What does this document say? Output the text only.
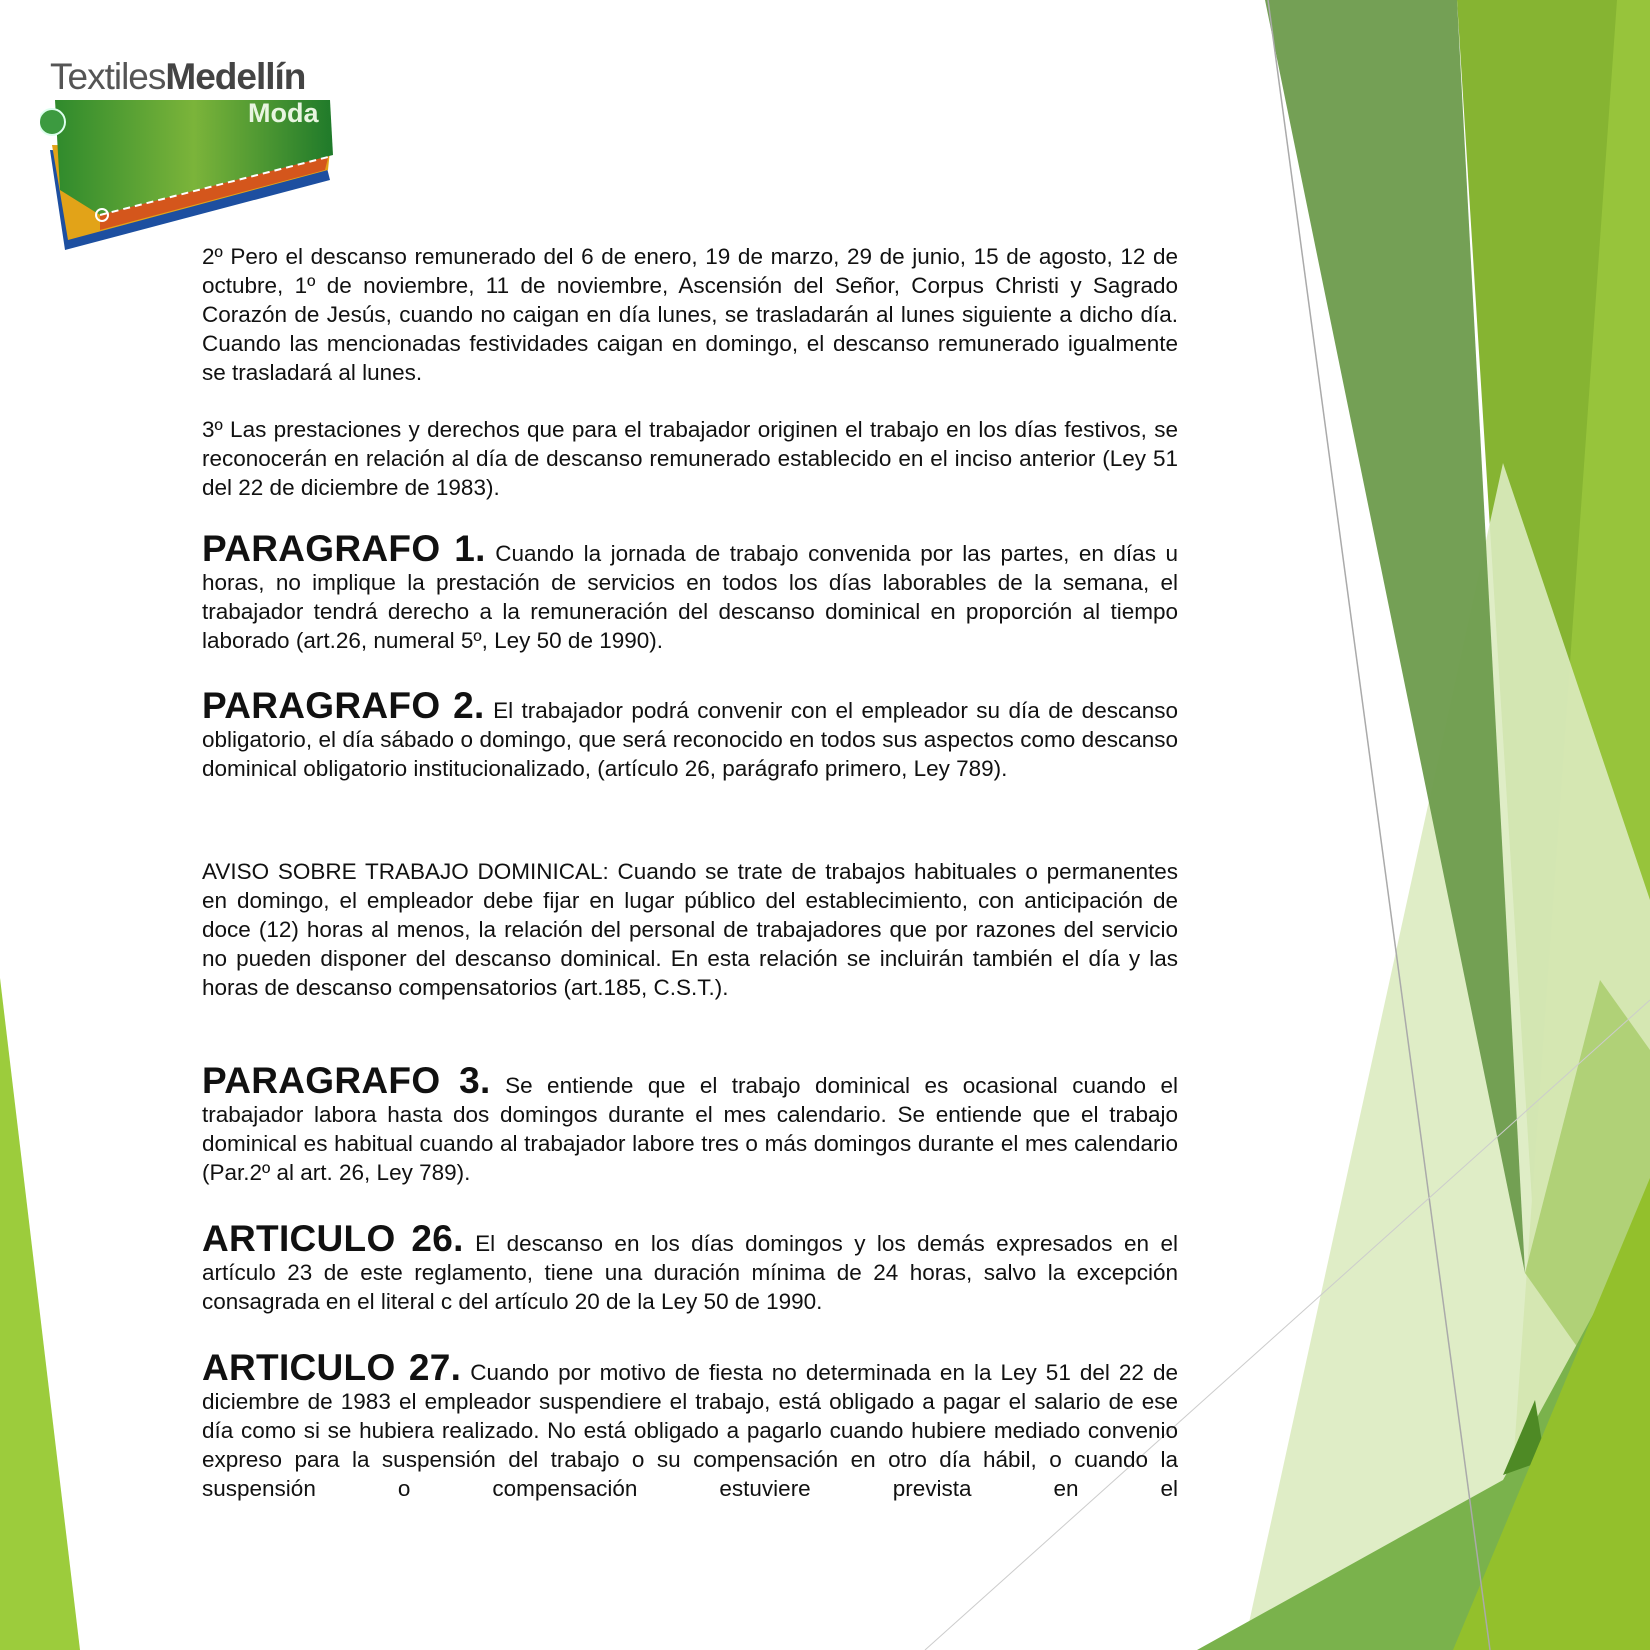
TextilesMedellín
Moda

2º Pero el descanso remunerado del 6 de enero, 19 de marzo, 29 de junio, 15 de agosto, 12 de octubre, 1º de noviembre, 11 de noviembre, Ascensión del Señor, Corpus Christi y Sagrado Corazón de Jesús, cuando no caigan en día lunes, se trasladarán al lunes siguiente a dicho día. Cuando las mencionadas festividades caigan en domingo, el descanso remunerado igualmente se trasladará al lunes.

3º Las prestaciones y derechos que para el trabajador originen el trabajo en los días festivos, se reconocerán en relación al día de descanso remunerado establecido en el inciso anterior (Ley 51 del 22 de diciembre de 1983).

PARAGRAFO 1. Cuando la jornada de trabajo convenida por las partes, en días u horas, no implique la prestación de servicios en todos los días laborables de la semana, el trabajador tendrá derecho a la remuneración del descanso dominical en proporción al tiempo laborado (art.26, numeral 5º, Ley 50 de 1990).

PARAGRAFO 2. El trabajador podrá convenir con el empleador su día de descanso obligatorio, el día sábado o domingo, que será reconocido en todos sus aspectos como descanso dominical obligatorio institucionalizado, (artículo 26, parágrafo primero, Ley 789).

AVISO SOBRE TRABAJO DOMINICAL: Cuando se trate de trabajos habituales o permanentes en domingo, el empleador debe fijar en lugar público del establecimiento, con anticipación de doce (12) horas al menos, la relación del personal de trabajadores que por razones del servicio no pueden disponer del descanso dominical. En esta relación se incluirán también el día y las horas de descanso compensatorios (art.185, C.S.T.).

PARAGRAFO 3. Se entiende que el trabajo dominical es ocasional cuando el trabajador labora hasta dos domingos durante el mes calendario. Se entiende que el trabajo dominical es habitual cuando al trabajador labore tres o más domingos durante el mes calendario (Par.2º al art. 26, Ley 789).

ARTICULO 26. El descanso en los días domingos y los demás expresados en el artículo 23 de este reglamento, tiene una duración mínima de 24 horas, salvo la excepción consagrada en el literal c del artículo 20 de la Ley 50 de 1990.

ARTICULO 27. Cuando por motivo de fiesta no determinada en la Ley 51 del 22 de diciembre de 1983 el empleador suspendiere el trabajo, está obligado a pagar el salario de ese día como si se hubiera realizado. No está obligado a pagarlo cuando hubiere mediado convenio expreso para la suspensión del trabajo o su compensación en otro día hábil, o cuando la suspensión o compensación estuviere prevista en el
